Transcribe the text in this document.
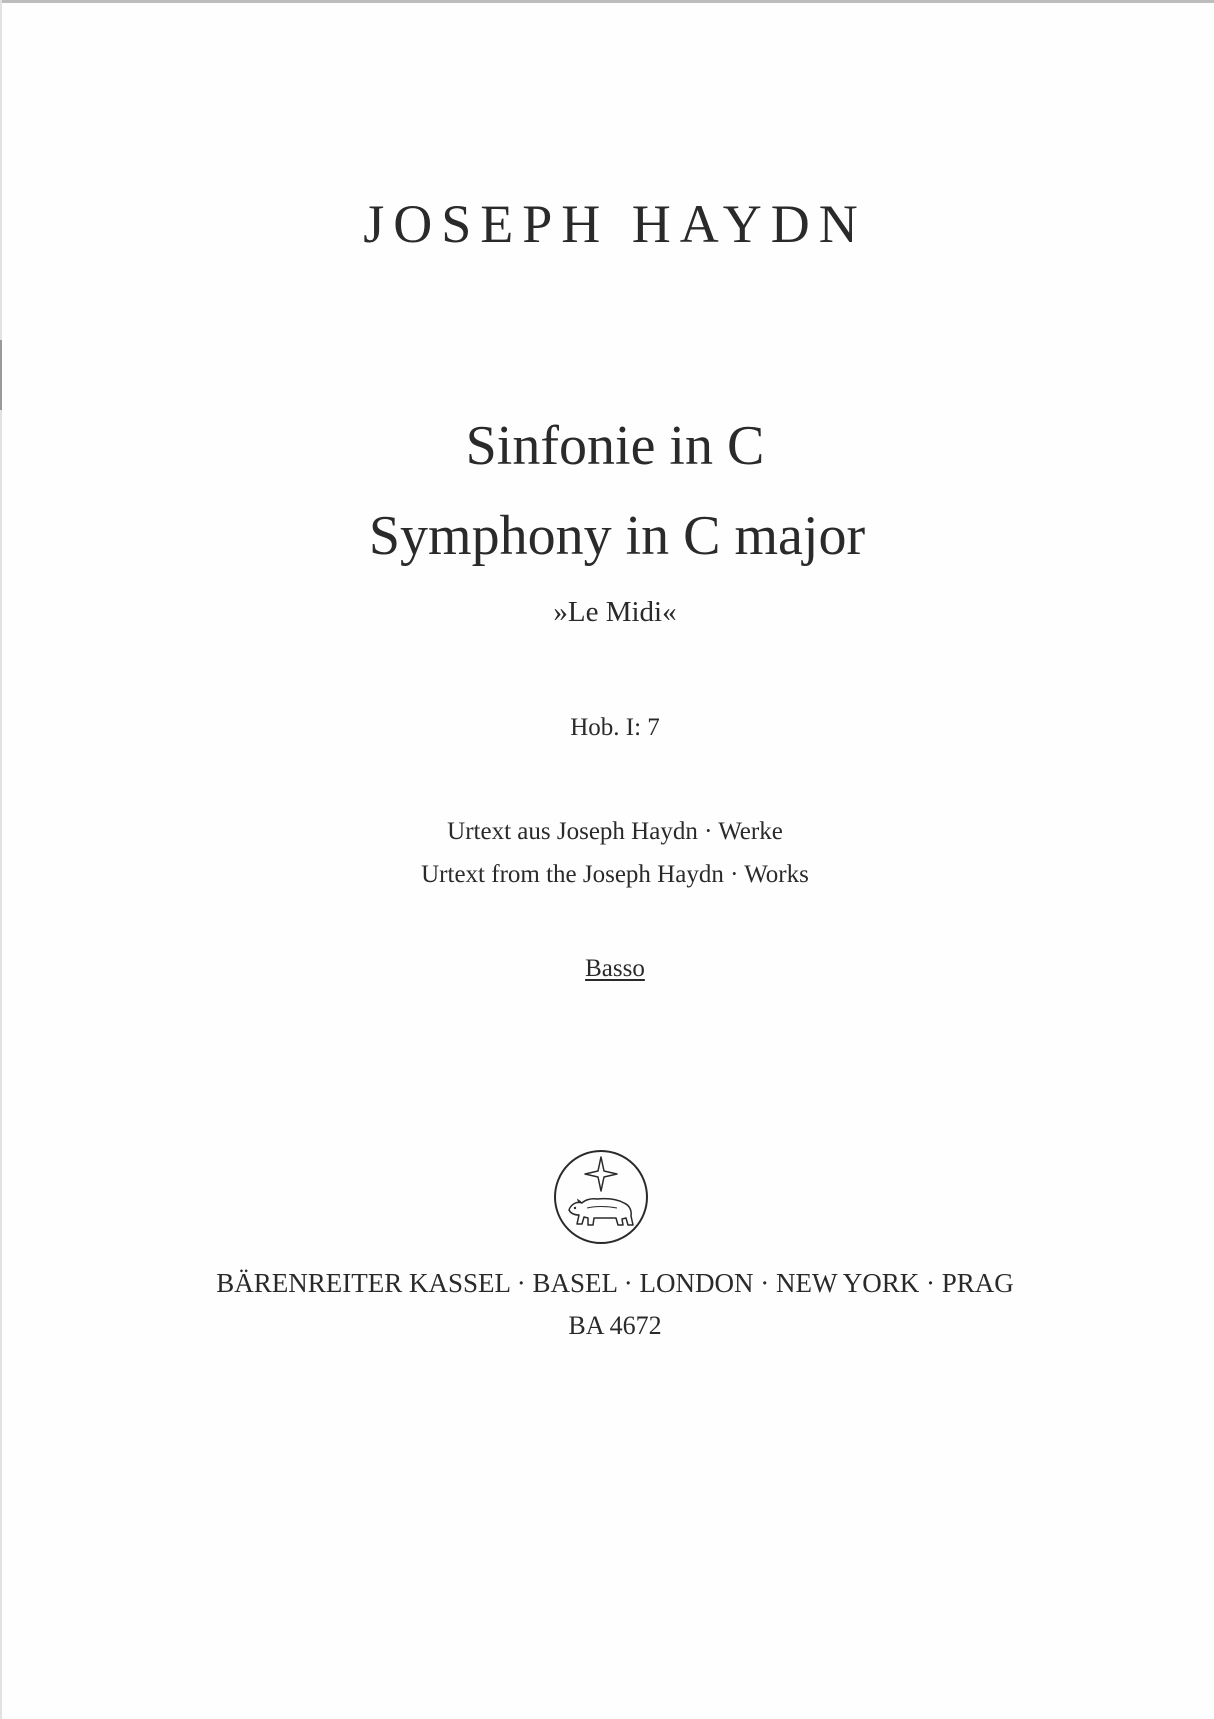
JOSEPH HAYDN
Sinfonie in C
Symphony in C major
»Le Midi«
Hob. I: 7
Urtext aus Joseph Haydn · Werke
Urtext from the Joseph Haydn · Works
Basso
BÄRENREITER KASSEL · BASEL · LONDON · NEW YORK · PRAG
BA 4672
